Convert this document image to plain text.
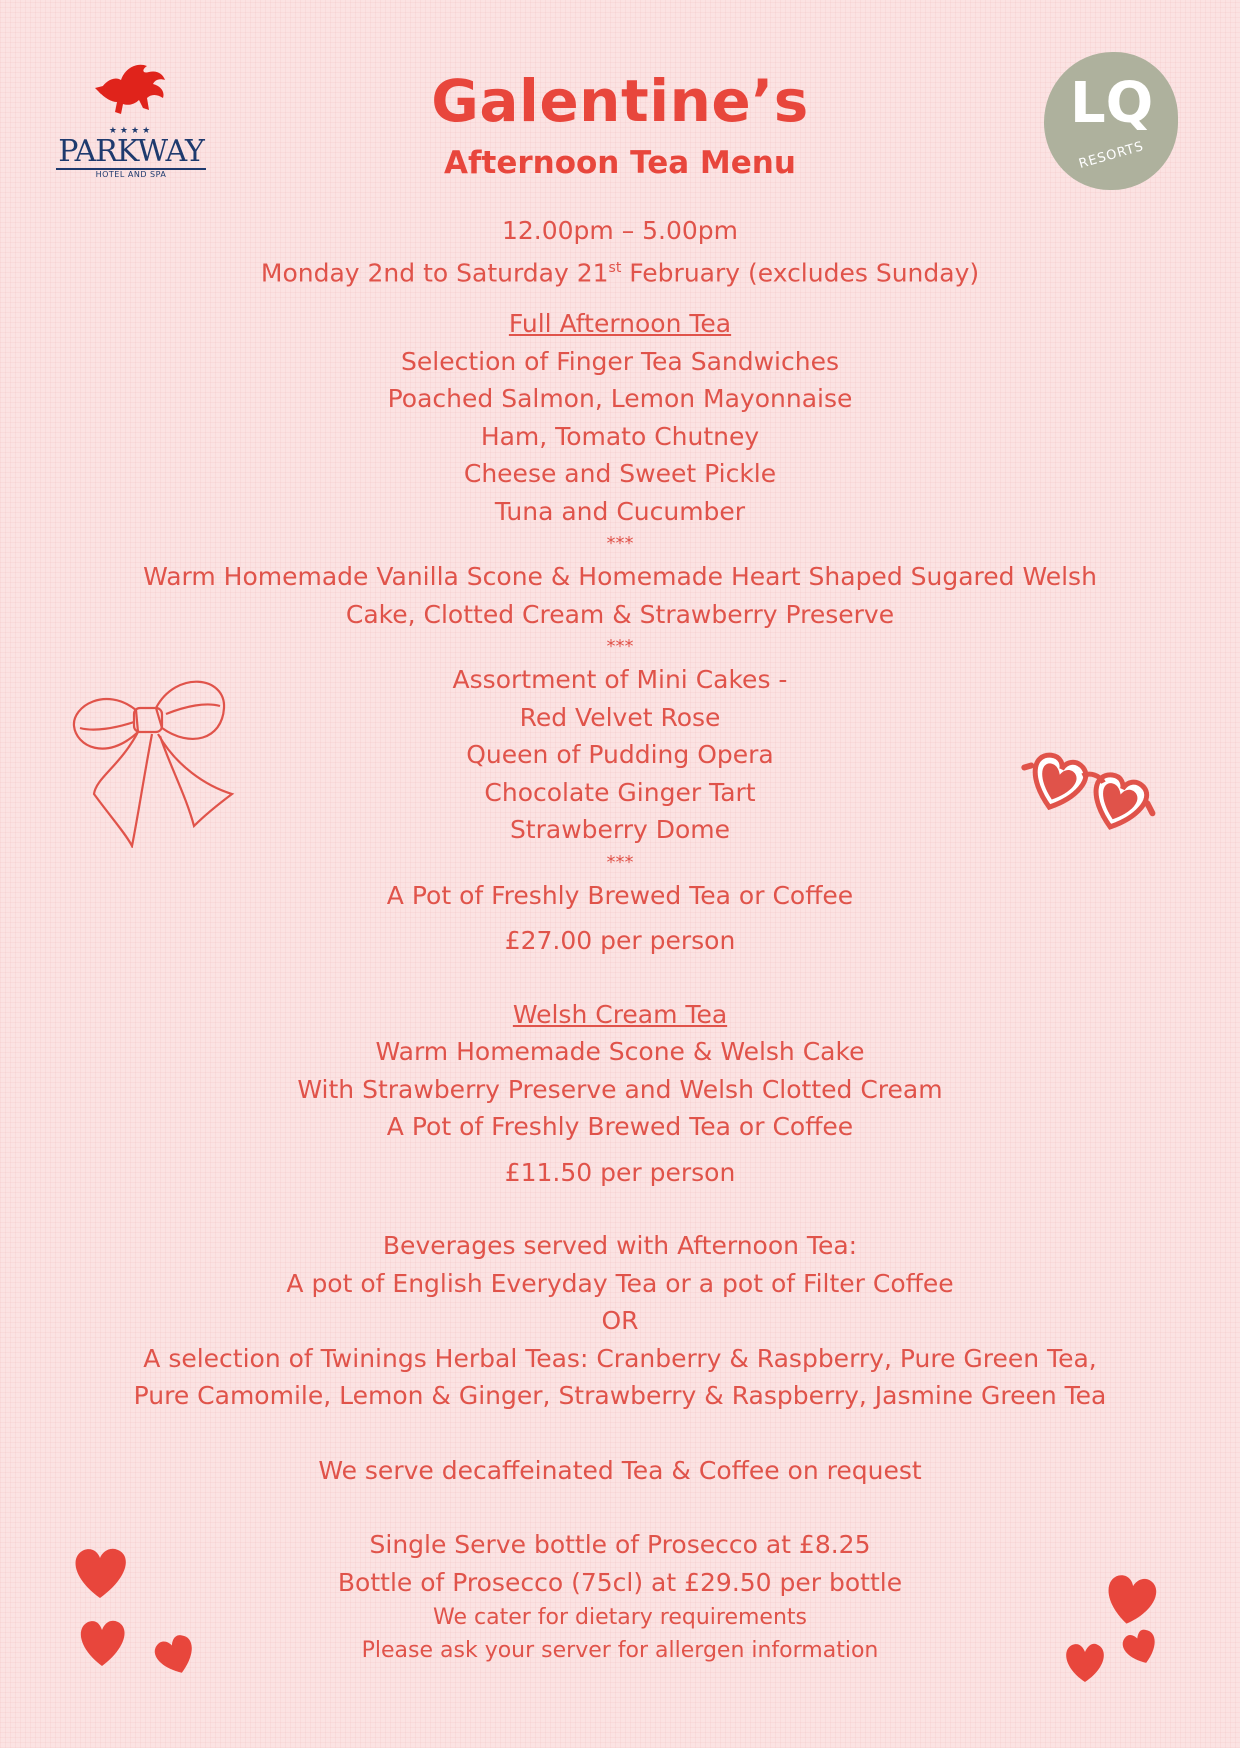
★★★★
PARKWAY
HOTEL AND SPA
LQ
RESORTS
Galentine’s
Afternoon Tea Menu
12.00pm – 5.00pm
Monday 2nd to Saturday 21st February (excludes Sunday)
Full Afternoon Tea
Selection of Finger Tea Sandwiches
Poached Salmon, Lemon Mayonnaise
Ham, Tomato Chutney
Cheese and Sweet Pickle
Tuna and Cucumber
***
Warm Homemade Vanilla Scone & Homemade Heart Shaped Sugared Welsh
Cake, Clotted Cream & Strawberry Preserve
***
Assortment of Mini Cakes -
Red Velvet Rose
Queen of Pudding Opera
Chocolate Ginger Tart
Strawberry Dome
***
A Pot of Freshly Brewed Tea or Coffee
£27.00 per person
Welsh Cream Tea
Warm Homemade Scone & Welsh Cake
With Strawberry Preserve and Welsh Clotted Cream
A Pot of Freshly Brewed Tea or Coffee
£11.50 per person
Beverages served with Afternoon Tea:
A pot of English Everyday Tea or a pot of Filter Coffee
OR
A selection of Twinings Herbal Teas: Cranberry & Raspberry, Pure Green Tea,
Pure Camomile, Lemon & Ginger, Strawberry & Raspberry, Jasmine Green Tea
We serve decaffeinated Tea & Coffee on request
Single Serve bottle of Prosecco at £8.25
Bottle of Prosecco (75cl) at £29.50 per bottle
We cater for dietary requirements
Please ask your server for allergen information
